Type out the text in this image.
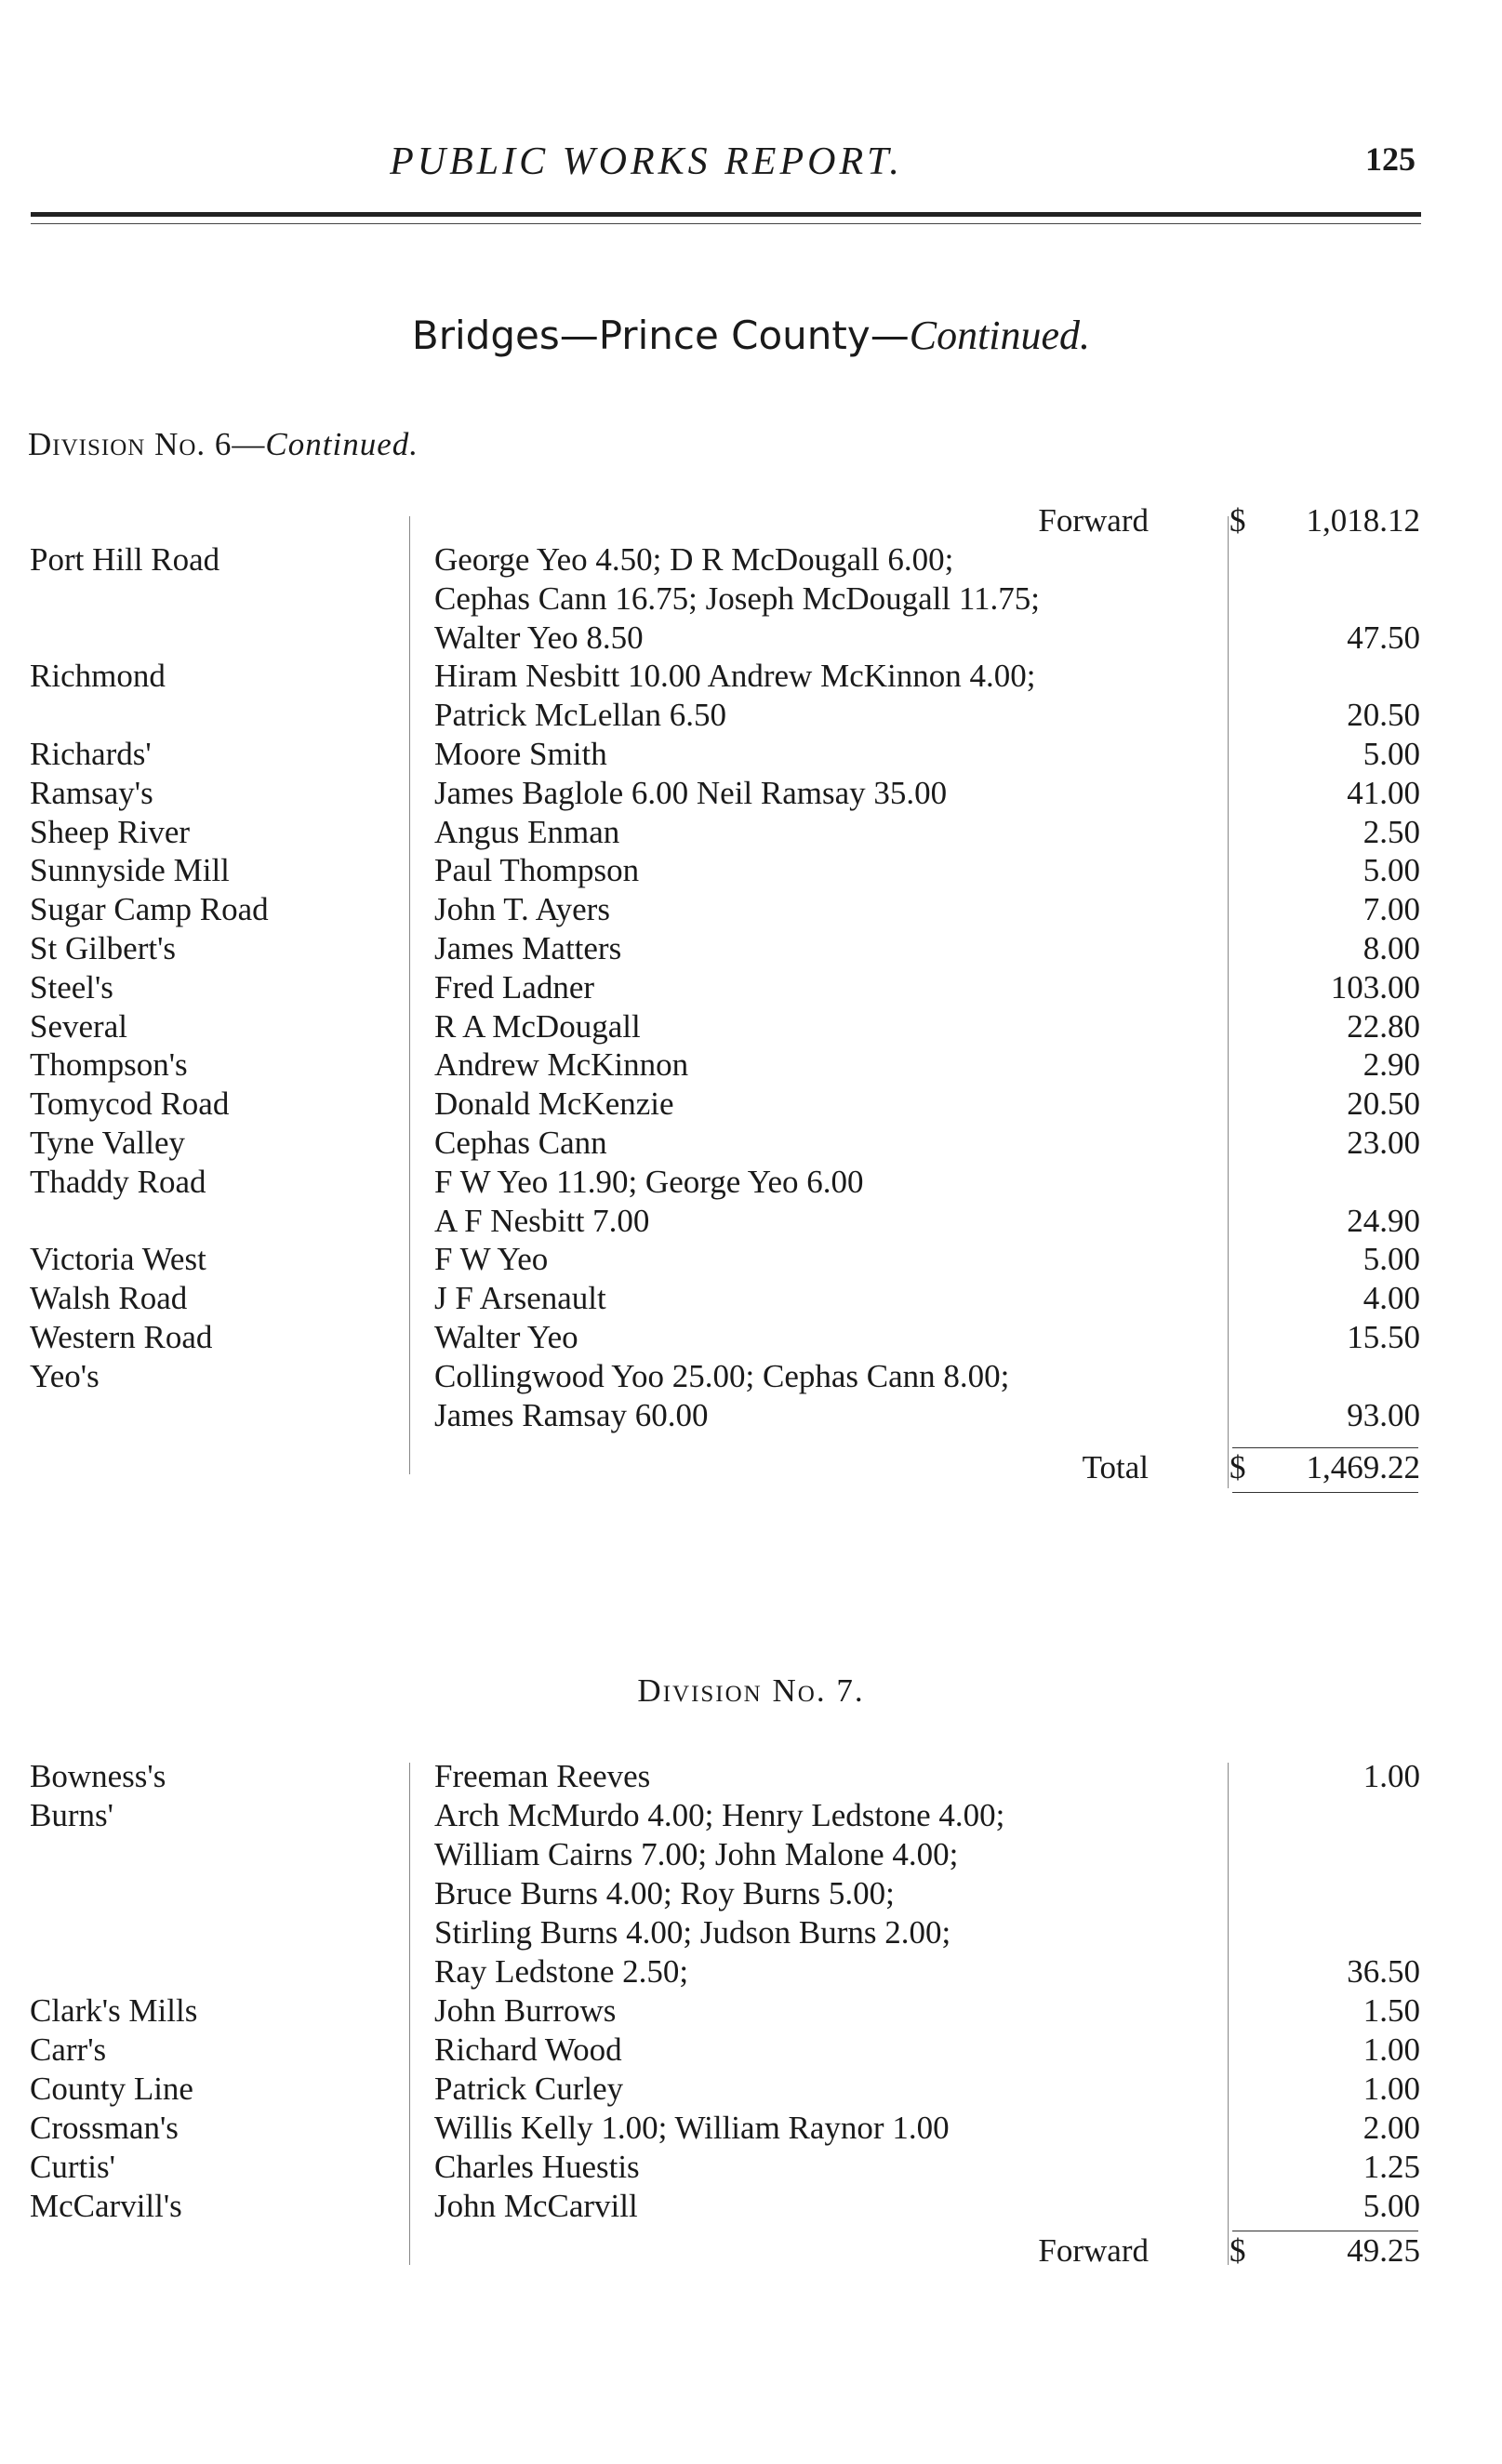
PUBLIC WORKS REPORT.	125
Bridges—Prince County—Continued.
Division No. 6—Continued.
Forward $ 1,018.12
Port Hill Road	George Yeo 4.50; D R McDougall 6.00;
Cephas Cann 16.75; Joseph McDougall 11.75;
Walter Yeo 8.50	47.50
Richmond	Hiram Nesbitt 10.00 Andrew McKinnon 4.00;
Patrick McLellan 6.50	20.50
Richards'	Moore Smith	5.00
Ramsay's	James Baglole 6.00 Neil Ramsay 35.00	41.00
Sheep River	Angus Enman	2.50
Sunnyside Mill	Paul Thompson	5.00
Sugar Camp Road	John T. Ayers	7.00
St Gilbert's	James Matters	8.00
Steel's	Fred Ladner	103.00
Several	R A McDougall	22.80
Thompson's	Andrew McKinnon	2.90
Tomycod Road	Donald McKenzie	20.50
Tyne Valley	Cephas Cann	23.00
Thaddy Road	F W Yeo 11.90; George Yeo 6.00
A F Nesbitt 7.00	24.90
Victoria West	F W Yeo	5.00
Walsh Road	J F Arsenault	4.00
Western Road	Walter Yeo	15.50
Yeo's	Collingwood Yoo 25.00; Cephas Cann 8.00;
James Ramsay 60.00	93.00
Total $ 1,469.22
Division No. 7.
Bowness's	Freeman Reeves	1.00
Burns'	Arch McMurdo 4.00; Henry Ledstone 4.00;
William Cairns 7.00; John Malone 4.00;
Bruce Burns 4.00; Roy Burns 5.00;
Stirling Burns 4.00; Judson Burns 2.00;
Ray Ledstone 2.50;	36.50
Clark's Mills	John Burrows	1.50
Carr's	Richard Wood	1.00
County Line	Patrick Curley	1.00
Crossman's	Willis Kelly 1.00; William Raynor 1.00	2.00
Curtis'	Charles Huestis	1.25
McCarvill's	John McCarvill	5.00
Forward $	49.25
